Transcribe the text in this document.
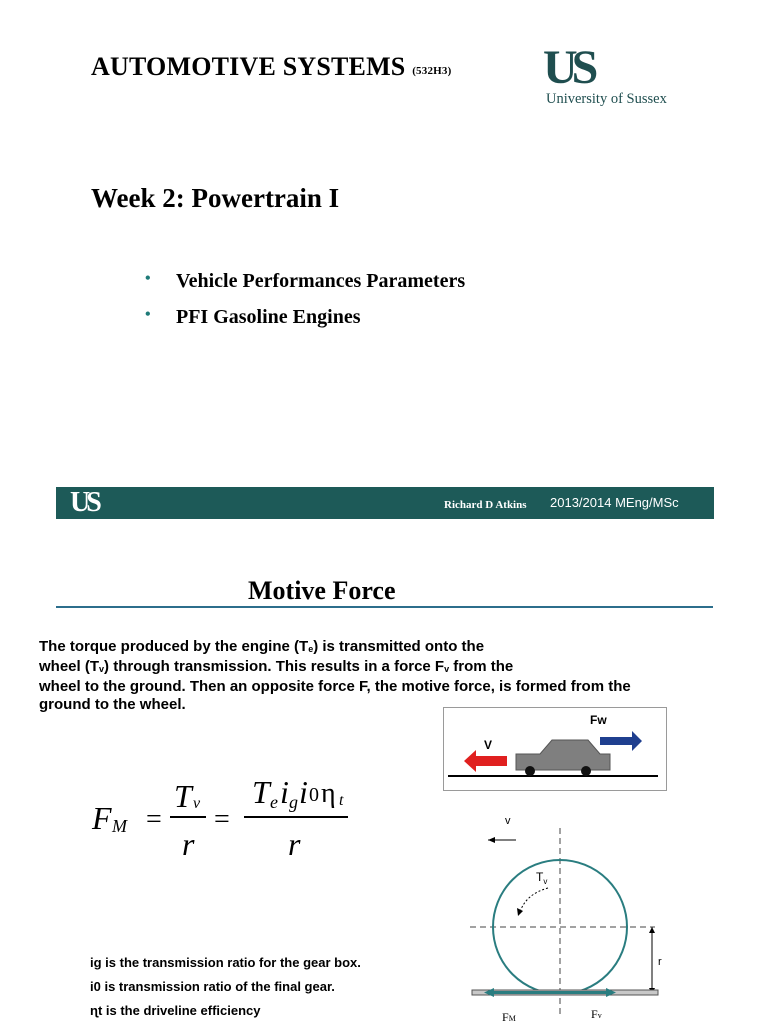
AUTOMOTIVE SYSTEMS (532H3) US
University of Sussex
Week 2: Powertrain I
• Vehicle Performances Parameters
• PFI Gasoline Engines
US	Richard D Atkins 2013/2014 MEng/MSc
Motive Force
The torque produced by the engine $(T_e)$ is transmitted onto the
wheel $(T_v)$ through transmission. This results in a force $F_v$ from the
wheel to the ground. Then an opposite force F, the motive force, is formed from the
ground to the wheel.
V
Fw
F M =
T v
r
=
T e i g i 0 η t
r
v
$T_v$
r
FM	Fv
ig is the transmission ratio for the gear box.
i0 is transmission ratio of the final gear.
ɳt is the driveline efficiency
